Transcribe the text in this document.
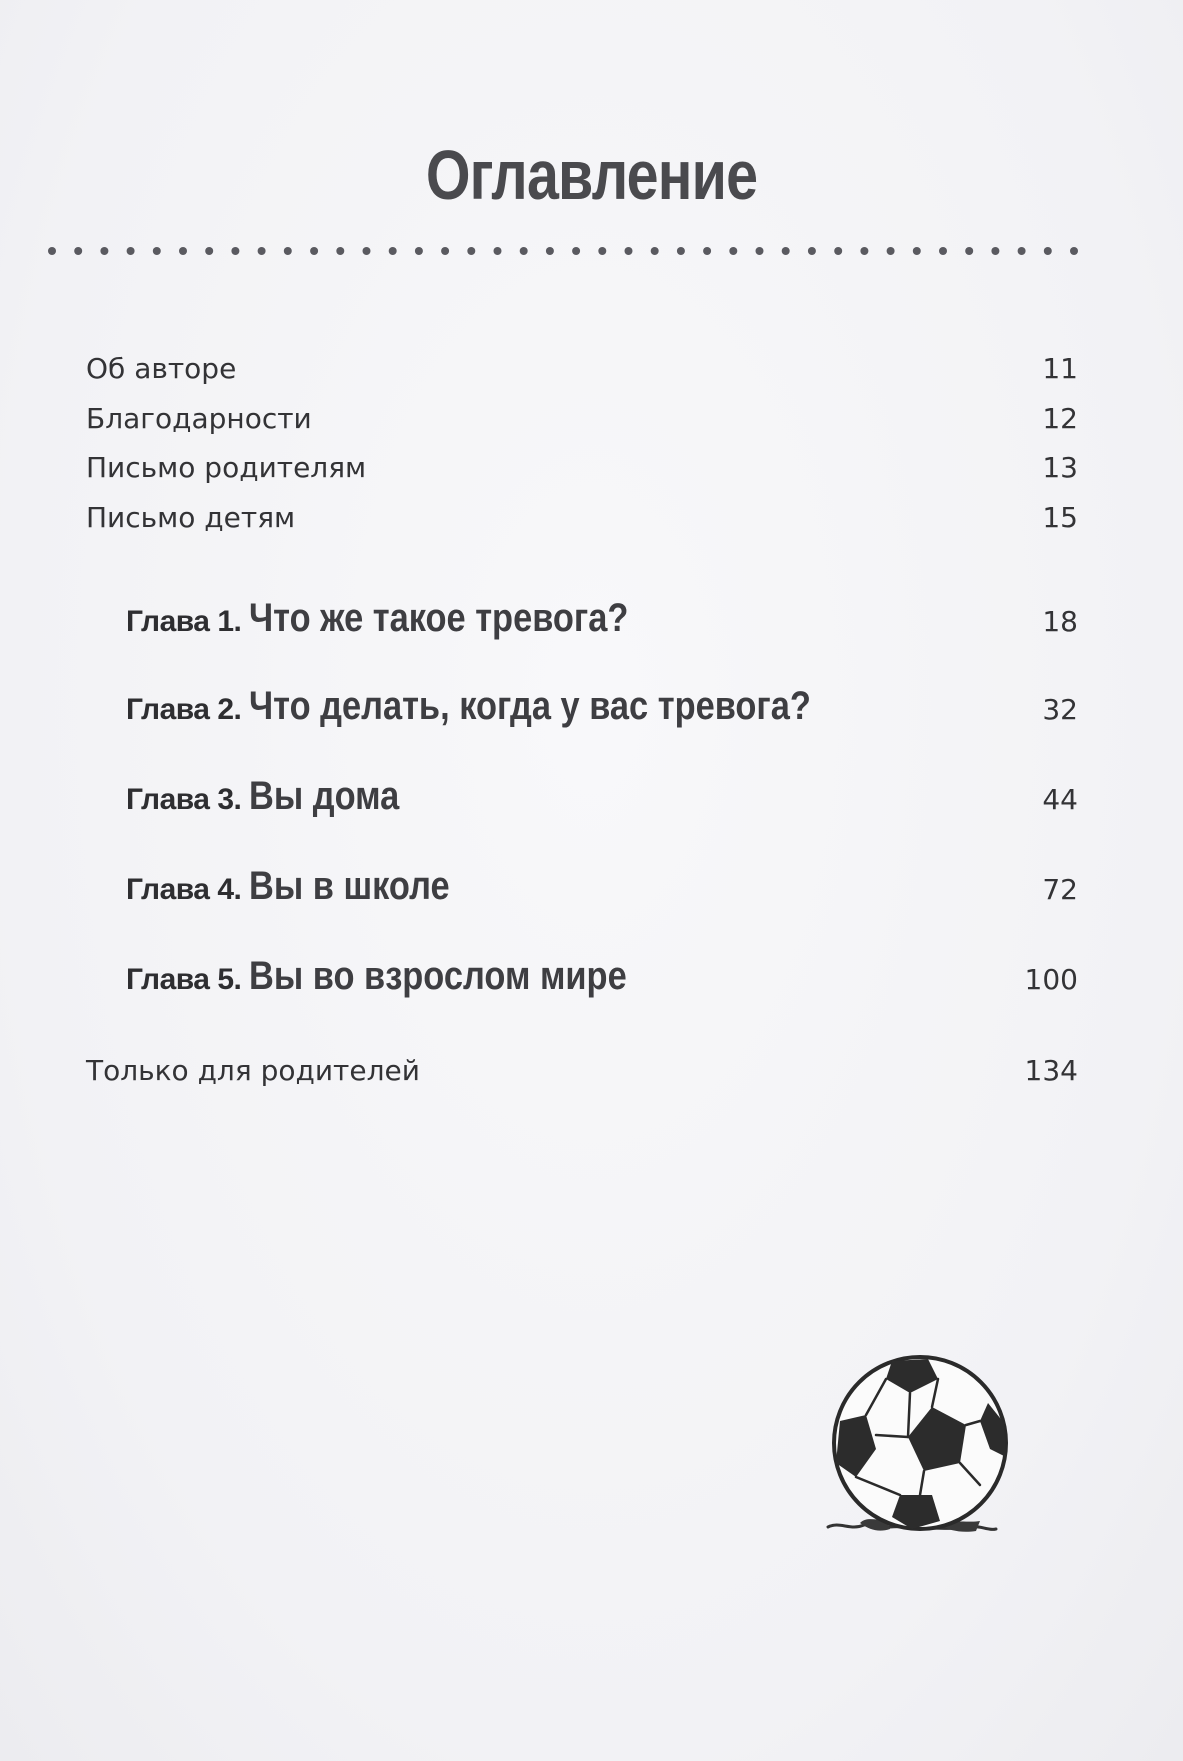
Оглавление
Об авторе	11
Благодарности	12
Письмо родителям	13
Письмо детям	15
Глава 1. Что же такое тревога?	18
Глава 2. Что делать, когда у вас тревога?	32
Глава 3. Вы дома	44
Глава 4. Вы в школе	72
Глава 5. Вы во взрослом мире	100
Только для родителей	134
